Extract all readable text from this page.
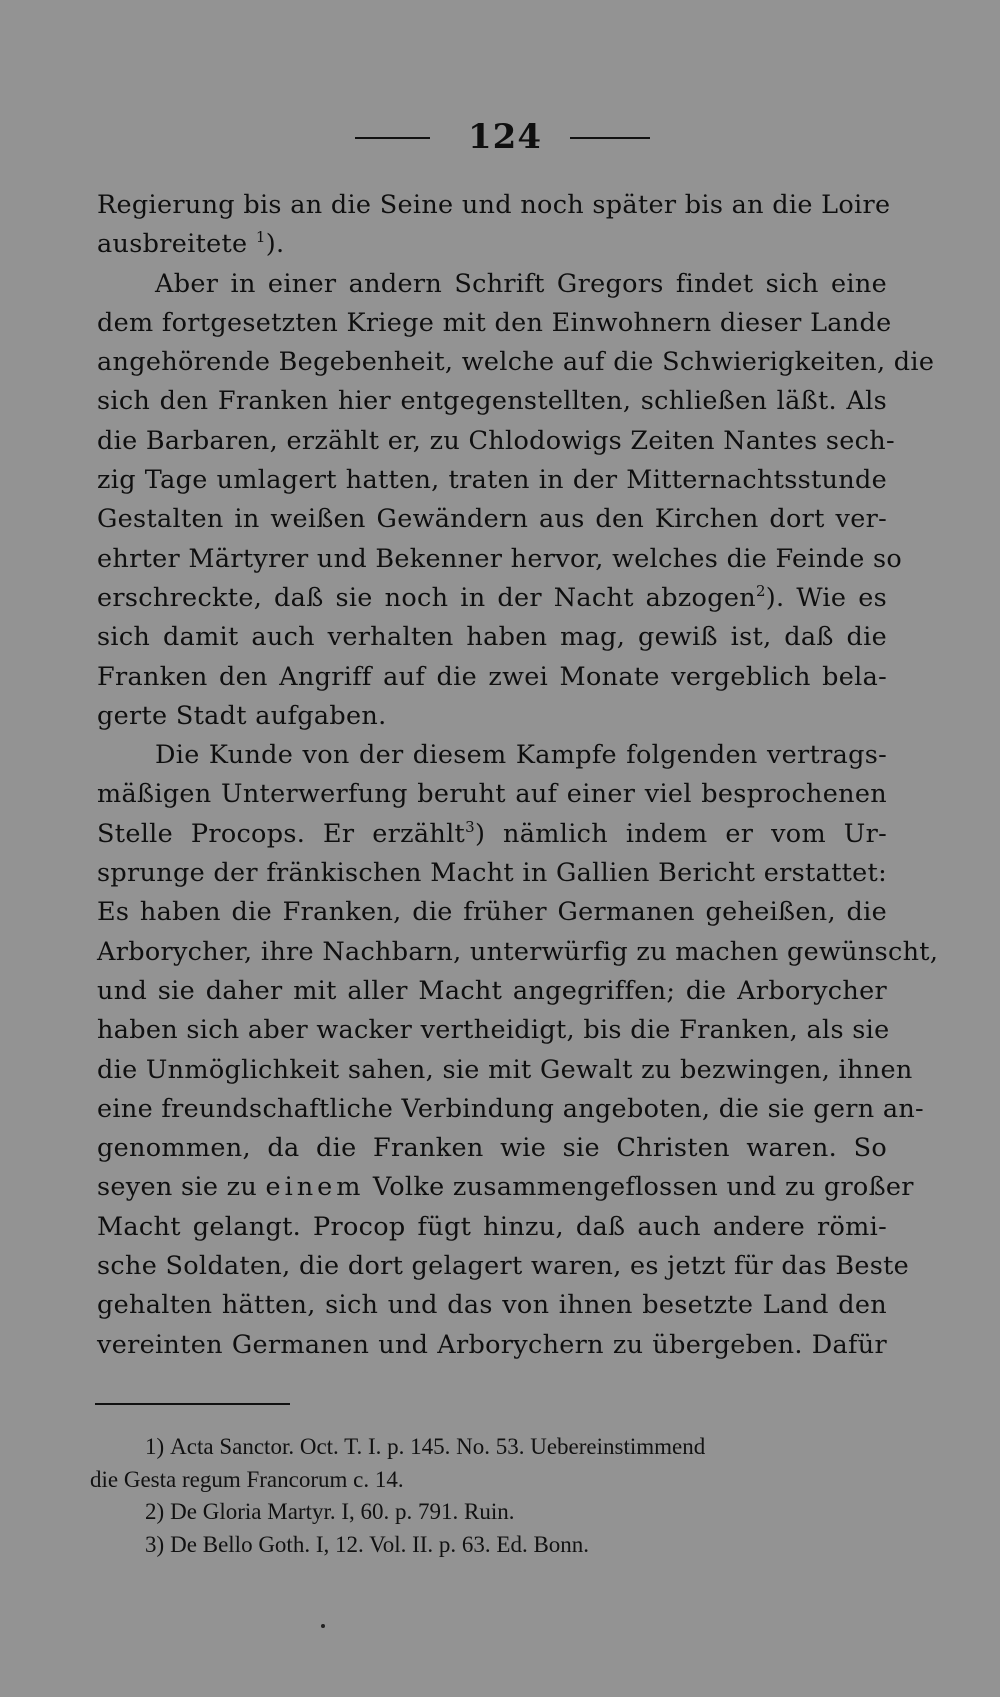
124
Regierung bis an die Seine und noch später bis an die Loire
ausbreitete $^1$).
Aber in einer andern Schrift Gregors findet sich eine
dem fortgesetzten Kriege mit den Einwohnern dieser Lande
angehörende Begebenheit, welche auf die Schwierigkeiten, die
sich den Franken hier entgegenstellten, schließen läßt. Als
die Barbaren, erzählt er, zu Chlodowigs Zeiten Nantes sech-
zig Tage umlagert hatten, traten in der Mitternachtsstunde
Gestalten in weißen Gewändern aus den Kirchen dort ver-
ehrter Märtyrer und Bekenner hervor, welches die Feinde so
erschreckte, daß sie noch in der Nacht abzogen$^2$). Wie es
sich damit auch verhalten haben mag, gewiß ist, daß die
Franken den Angriff auf die zwei Monate vergeblich bela-
gerte Stadt aufgaben.
Die Kunde von der diesem Kampfe folgenden vertrags-
mäßigen Unterwerfung beruht auf einer viel besprochenen
Stelle Procops. Er erzählt$^3$) nämlich indem er vom Ur-
sprunge der fränkischen Macht in Gallien Bericht erstattet:
Es haben die Franken, die früher Germanen geheißen, die
Arborycher, ihre Nachbarn, unterwürfig zu machen gewünscht,
und sie daher mit aller Macht angegriffen; die Arborycher
haben sich aber wacker vertheidigt, bis die Franken, als sie
die Unmöglichkeit sahen, sie mit Gewalt zu bezwingen, ihnen
eine freundschaftliche Verbindung angeboten, die sie gern an-
genommen, da die Franken wie sie Christen waren. So
seyen sie zu einem Volke zusammengeflossen und zu großer
Macht gelangt. Procop fügt hinzu, daß auch andere römi-
sche Soldaten, die dort gelagert waren, es jetzt für das Beste
gehalten hätten, sich und das von ihnen besetzte Land den
vereinten Germanen und Arborychern zu übergeben. Dafür
1) Acta Sanctor. Oct. T. I. p. 145. No. 53. Uebereinstimmend
die Gesta regum Francorum c. 14.
2) De Gloria Martyr. I, 60. p. 791. Ruin.
3) De Bello Goth. I, 12. Vol. II. p. 63. Ed. Bonn.
